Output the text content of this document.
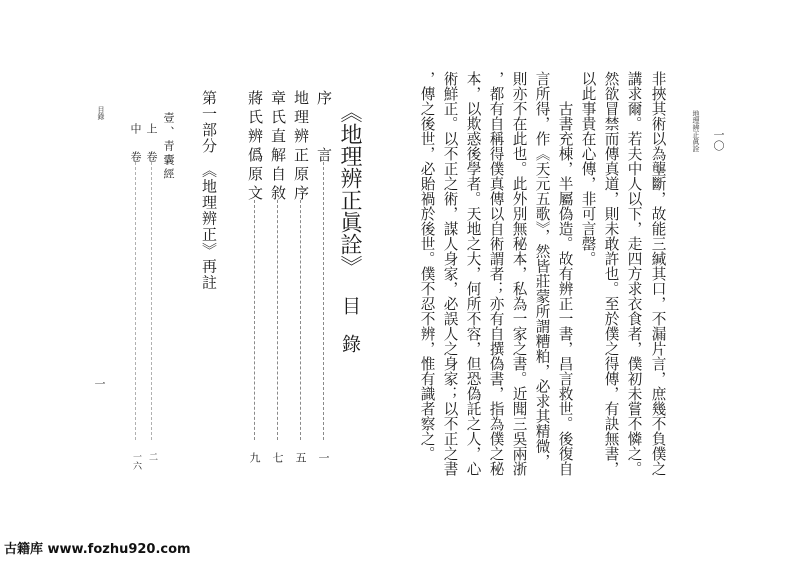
地理辨正眞詮 一〇
非挾其術以為壟斷，故能三緘其口，不漏片言，庶幾不負僕之
講求爾。若夫中人以下，走四方求衣食者，僕初未嘗不憐之。
然欲冒禁而傳真道，則未敢許也。至於僕之得傳，有訣無書，
以此事貴在心傳，非可言罄。
古書充棟，半屬偽造。故有辨正一書，昌言救世。後復自
言所得，作《天元五歌》，然皆莊蒙所謂糟粕，必求其精微，
則亦不在此也。此外別無秘本，私為一家之書。近聞三吳兩浙
，都有自稱得僕真傳以自術謂者；亦有自撰偽書，指為僕之秘
本，以欺惑後學者。天地之大，何所不容，但恐偽託之人，心
術鮮正。以不正之術，謀人身家，必誤人之身家；以不正之書
，傳之後世，必貽禍於後世。僕不忍不辨，惟有識者察之。
《地理辨正眞詮》
目　錄
序　　言
一
地理辨正原序
五
章氏直解自敘
七
蔣氏辨僞原文
九
第一部分　《地理辨正》再註
壹、青囊經
上　卷
二
中　卷
一六
目錄
一
古籍库 www.fozhu920.com
